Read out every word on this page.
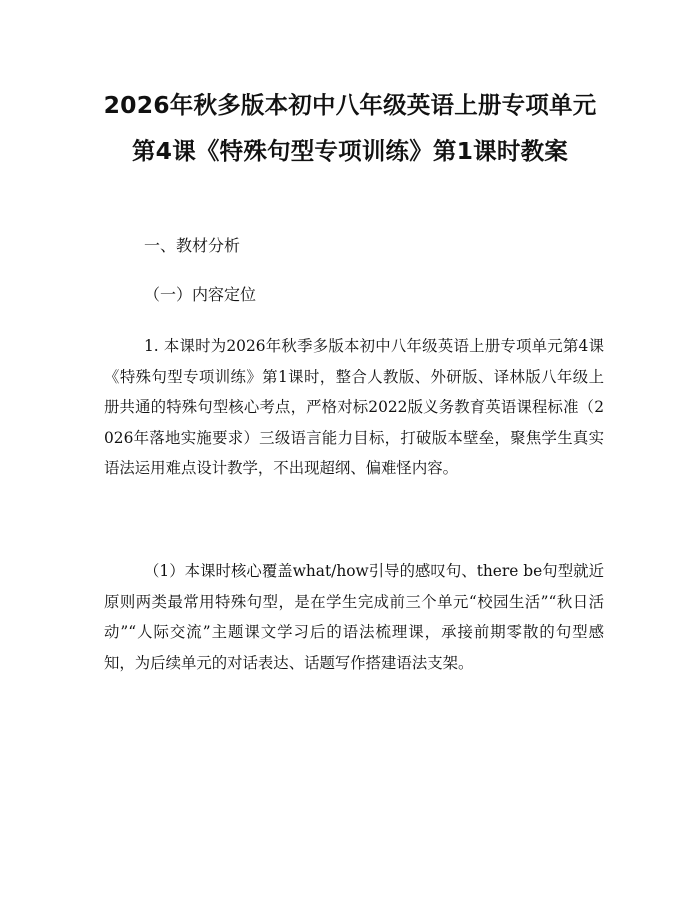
2026年秋多版本初中八年级英语上册专项单元第4课《特殊句型专项训练》第1课时教案

一、教材分析

（一）内容定位

1. 本课时为2026年秋季多版本初中八年级英语上册专项单元第4课《特殊句型专项训练》第1课时，整合人教版、外研版、译林版八年级上册共通的特殊句型核心考点，严格对标2022版义务教育英语课程标准（2026年落地实施要求）三级语言能力目标，打破版本壁垒，聚焦学生真实语法运用难点设计教学，不出现超纲、偏难怪内容。

（1）本课时核心覆盖what/how引导的感叹句、there be句型就近原则两类最常用特殊句型，是在学生完成前三个单元“校园生活”“秋日活动”“人际交流”主题课文学习后的语法梳理课，承接前期零散的句型感知，为后续单元的对话表达、话题写作搭建语法支架。
